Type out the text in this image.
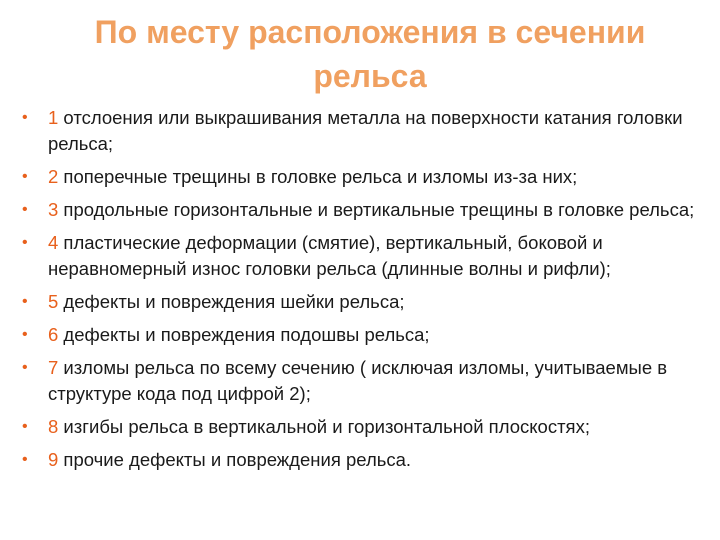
По месту расположения в сечении
рельса
• 1 отслоения или выкрашивания металла на поверхности катания головки рельса;
• 2 поперечные трещины в головке рельса и изломы из-за них;
• 3 продольные горизонтальные и вертикальные трещины в головке рельса;
• 4 пластические деформации (смятие), вертикальный, боковой и неравномерный износ головки рельса (длинные волны и рифли);
• 5 дефекты и повреждения шейки рельса;
• 6 дефекты и повреждения подошвы рельса;
• 7 изломы рельса по всему сечению ( исключая изломы, учитываемые в структуре кода под цифрой 2);
• 8 изгибы рельса в вертикальной и горизонтальной плоскостях;
• 9 прочие дефекты и повреждения рельса.
